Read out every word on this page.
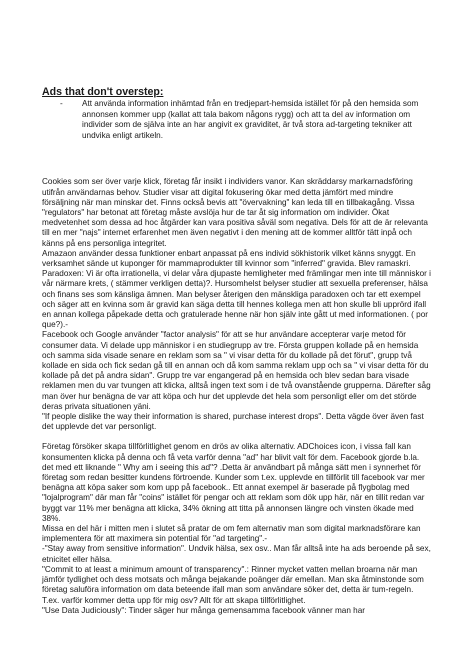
Ads that don't overstep:
-	Att använda information inhämtad från en tredjepart-hemsida istället för på den hemsida som annonsen kommer upp (kallat att tala bakom någons rygg) och att ta del av information om individer som de själva inte an har angivit ex graviditet, är två stora ad-targeting tekniker att undvika enligt artikeln.

Cookies som ser över varje klick, företag får insikt i individers vanor. Kan skräddarsy markarnadsföring utifrån användarnas behov. Studier visar att digital fokusering ökar med detta jämfört med mindre försäljning när man minskar det. Finns också bevis att "övervakning" kan leda till en tillbakagång. Vissa "regulators" har betonat att företag måste avslöja hur de tar åt sig information om individer. Ökat medvetenhet som dessa ad hoc åtgärder kan vara positiva såväl som negativa. Dels för att de är relevanta till en mer "najs" internet erfarenhet men även negativt i den mening att de kommer alltför tätt inpå och känns på ens personliga integritet.

Amazaon använder dessa funktioner enbart anpassat på ens individ sökhistorik vilket känns snyggt. En verksamhet sände ut kuponger för mammaprodukter till kvinnor som "inferred" gravida. Blev ramaskri.

Paradoxen: Vi är ofta irrationella, vi delar våra djupaste hemligheter med främlingar men inte till människor i vår närmare krets, ( stämmer verkligen detta)?. Hursomhelst belyser studier att sexuella preferenser, hälsa och finans ses som känsliga ämnen. Man belyser återigen den mänskliga paradoxen och tar ett exempel och säger att en kvinna som är gravid kan säga detta till hennes kollega men att hon skulle bli upprörd ifall en annan kollega påpekade detta och gratulerade henne när hon själv inte gått ut med informationen. ( por que?).-

Facebook och Google använder "factor analysis" för att se hur användare accepterar varje metod för consumer data. Vi delade upp människor i en studiegrupp av tre. Första gruppen kollade på en hemsida och samma sida visade senare en reklam som sa " vi visar detta för du kollade på det förut", grupp två kollade en sida och fick sedan gå till en annan och då kom samma reklam upp och sa " vi visar detta för du kollade på det på andra sidan". Grupp tre var engangerad på en hemsida och blev sedan bara visade reklamen men du var tvungen att klicka, alltså ingen text som i de två ovanstående grupperna. Därefter såg man över hur benägna de var att köpa och hur det upplevde det hela som personligt eller om det störde deras privata situationen yäni.

"If people dislike the way their information is shared, purchase interest drops". Detta vägde över även fast det upplevde det var personligt.

Företag försöker skapa tillförlitlighet genom en drös av olika alternativ. ADChoices icon, i vissa fall kan konsumenten klicka på denna och få veta varför denna "ad" har blivit valt för dem. Facebook gjorde b.la. det med ett liknande " Why am i seeing this ad"? .Detta är användbart på många sätt men i synnerhet för företag som redan besitter kundens förtroende. Kunder som t.ex. upplevde en tillförlit till facebook var mer benägna att köpa saker som kom upp på facebook.. Ett annat exempel är baserade på flygbolag med "lojalprogram" där man får "coins" istället för pengar och att reklam som dök upp här, när en tillit redan var byggt var 11% mer benägna att klicka, 34% ökning att titta på annonsen längre och vinsten ökade med 38%.

Missa en del här i mitten men i slutet så pratar de om fem alternativ man som digital marknadsförare kan implementera för att maximera sin potential för "ad targeting".-

-"Stay away from sensitive information". Undvik hälsa, sex osv.. Man får alltså inte ha ads beroende på sex, etnicitet eller hälsa.

"Commit to at least a minimum amount of transparency".: Rinner mycket vatten mellan broarna när man jämför tydlighet och dess motsats och många bejakande poänger där emellan. Man ska åtminstonde som företag saluföra information om data beteende ifall man som användare söker det, detta är tum-regeln. T.ex. varför kommer detta upp för mig osv? Allt för att skapa tillförlitlighet.

"Use Data Judiciously": Tinder säger hur många gemensamma facebook vänner man har
